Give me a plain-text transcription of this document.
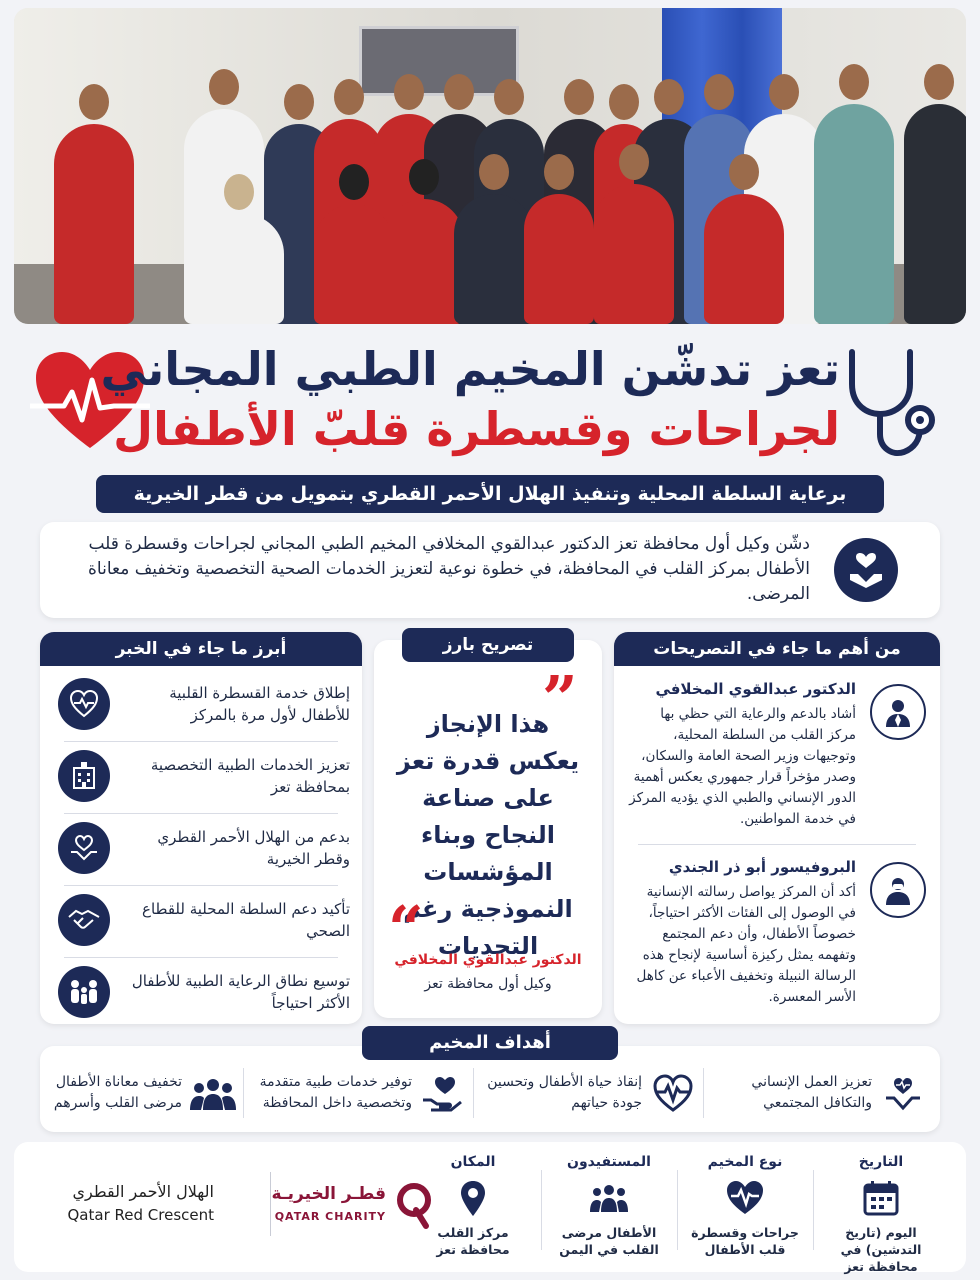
تعز تدشّن المخيم الطبي المجاني
لجراحات وقسطرة قلبّ الأطفال
برعاية السلطة المحلية وتنفيذ الهلال الأحمر القطري بتمويل من قطر الخيرية
دشّن وكيل أول محافظة تعز الدكتور عبدالقوي المخلافي المخيم الطبي المجاني لجراحات وقسطرة قلب الأطفال بمركز القلب في المحافظة، في خطوة نوعية لتعزيز الخدمات الصحية التخصصية وتخفيف معاناة المرضى.
أبرز ما جاء في الخبر
إطلاق خدمة القسطرة القلبية للأطفال لأول مرة بالمركز
تعزيز الخدمات الطبية التخصصية بمحافظة تعز
بدعم من الهلال الأحمر القطري وقطر الخيرية
تأكيد دعم السلطة المحلية للقطاع الصحي
توسيع نطاق الرعاية الطبية للأطفال الأكثر احتياجاً
تصريح بارز
”
هذا الإنجاز يعكس قدرة تعز على صناعة النجاح وبناء المؤشسات النموذجية رغم التحديات
“
الدكتور عبدالقوي المخلافي
وكيل أول محافظة تعز
من أهم ما جاء في التصريحات
الدكتور عبدالقوي المخلافي
أشاد بالدعم والرعاية التي حظي بها مركز القلب من السلطة المحلية، وتوجيهات وزير الصحة العامة والسكان، وصدر مؤخراً قرار جمهوري يعكس أهمية الدور الإنساني والطبي الذي يؤديه المركز في خدمة المواطنين.
البروفيسور أبو ذر الجندي
أكد أن المركز يواصل رسالته الإنسانية في الوصول إلى الفئات الأكثر احتياجاً، خصوصاً الأطفال، وأن دعم المجتمع وتفهمه يمثل ركيزة أساسية لإنجاح هذه الرسالة النبيلة وتخفيف الأعباء عن كاهل الأسر المعسرة.
أهداف المخيم
تعزيز العمل الإنساني والتكافل المجتمعي
إنقاذ حياة الأطفال وتحسين جودة حياتهم
توفير خدمات طبية متقدمة وتخصصية داخل المحافظة
تخفيف معاناة الأطفال مرضى القلب وأسرهم
التاريخ
اليوم (تاريخ التدشين) في محافظة تعز
نوع المخيم
جراحات وقسطرة قلب الأطفال
المستفيدون
الأطفال مرضى القلب في اليمن
المكان
مركز القلب محافظة تعز
قطـر الخيريـة
QATAR CHARITY
الهلال الأحمر القطري
Qatar Red Crescent
